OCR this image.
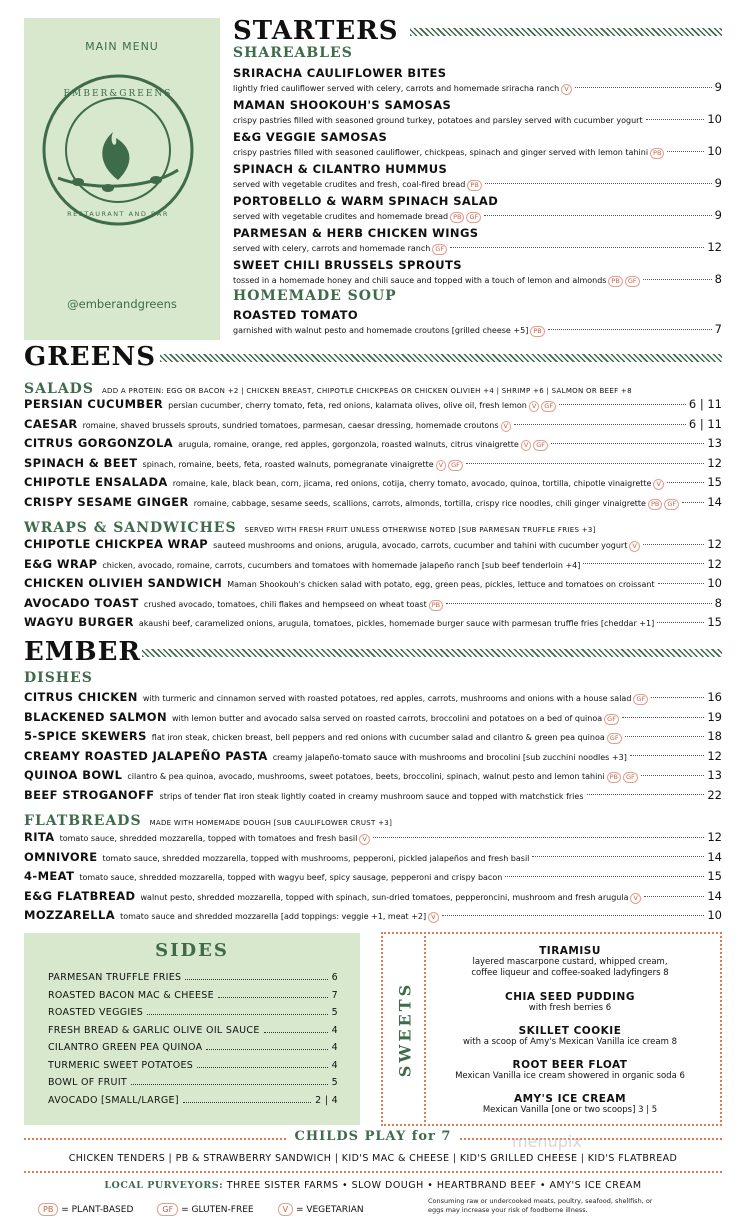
MAIN MENU
EMBER&GREENS
RESTAURANT AND BAR
@emberandgreens
STARTERS
SHAREABLES
SRIRACHA CAULIFLOWER BITES
lightly fried cauliflower served with celery, carrots and homemade sriracha ranch V	9
MAMAN SHOOKOUH'S SAMOSAS
crispy pastries filled with seasoned ground turkey, potatoes and parsley served with cucumber yogurt	10
E&G VEGGIE SAMOSAS
crispy pastries filled with seasoned cauliflower, chickpeas, spinach and ginger served with lemon tahini PB	10
SPINACH & CILANTRO HUMMUS
served with vegetable crudites and fresh, coal-fired bread PB	9
PORTOBELLO & WARM SPINACH SALAD
served with vegetable crudites and homemade bread PB	GF	9
PARMESAN & HERB CHICKEN WINGS
served with celery, carrots and homemade ranch GF	12
SWEET CHILI BRUSSELS SPROUTS
tossed in a homemade honey and chili sauce and topped with a touch of lemon and almonds PB	GF	8
HOMEMADE SOUP
ROASTED TOMATO
garnished with walnut pesto and homemade croutons [grilled cheese +5] PB	7
GREENS
SALADS ADD A PROTEIN: EGG OR BACON +2 | CHICKEN BREAST, CHIPOTLE CHICKPEAS OR CHICKEN OLIVIEH +4 | SHRIMP +6 | SALMON OR BEEF +8
PERSIAN CUCUMBER persian cucumber, cherry tomato, feta, red onions, kalamata olives, olive oil, fresh lemon V	GF	6 | 11
CAESAR romaine, shaved brussels sprouts, sundried tomatoes, parmesan, caesar dressing, homemade croutons V	6 | 11
CITRUS GORGONZOLA arugula, romaine, orange, red apples, gorgonzola, roasted walnuts, citrus vinaigrette V	GF	13
SPINACH & BEET spinach, romaine, beets, feta, roasted walnuts, pomegranate vinaigrette V	GF	12
CHIPOTLE ENSALADA romaine, kale, black bean, corn, jicama, red onions, cotija, cherry tomato, avocado, quinoa, tortilla, chipotle vinaigrette V	15
CRISPY SESAME GINGER romaine, cabbage, sesame seeds, scallions, carrots, almonds, tortilla, crispy rice noodles, chili ginger vinaigrette PB	GF	14
WRAPS & SANDWICHES SERVED WITH FRESH FRUIT UNLESS OTHERWISE NOTED [SUB PARMESAN TRUFFLE FRIES +3]
CHIPOTLE CHICKPEA WRAP sauteed mushrooms and onions, arugula, avocado, carrots, cucumber and tahini with cucumber yogurt V	12
E&G WRAP chicken, avocado, romaine, carrots, cucumbers and tomatoes with homemade jalapeño ranch [sub beef tenderloin +4]	12
CHICKEN OLIVIEH SANDWICH Maman Shookouh's chicken salad with potato, egg, green peas, pickles, lettuce and tomatoes on croissant	10
AVOCADO TOAST crushed avocado, tomatoes, chili flakes and hempseed on wheat toast PB	8
WAGYU BURGER akaushi beef, caramelized onions, arugula, tomatoes, pickles, homemade burger sauce with parmesan truffle fries [cheddar +1]	15
EMBER
DISHES
CITRUS CHICKEN with turmeric and cinnamon served with roasted potatoes, red apples, carrots, mushrooms and onions with a house salad GF	16
BLACKENED SALMON with lemon butter and avocado salsa served on roasted carrots, broccolini and potatoes on a bed of quinoa GF	19
5-SPICE SKEWERS flat iron steak, chicken breast, bell peppers and red onions with cucumber salad and cilantro & green pea quinoa GF	18
CREAMY ROASTED JALAPEÑO PASTA creamy jalapeño-tomato sauce with mushrooms and brocolini [sub zucchini noodles +3]	12
QUINOA BOWL cilantro & pea quinoa, avocado, mushrooms, sweet potatoes, beets, broccolini, spinach, walnut pesto and lemon tahini PB	GF	13
BEEF STROGANOFF strips of tender flat iron steak lightly coated in creamy mushroom sauce and topped with matchstick fries	22
FLATBREADS MADE WITH HOMEMADE DOUGH [SUB CAULIFLOWER CRUST +3]
RITA tomato sauce, shredded mozzarella, topped with tomatoes and fresh basil V	12
OMNIVORE tomato sauce, shredded mozzarella, topped with mushrooms, pepperoni, pickled jalapeños and fresh basil	14
4-MEAT tomato sauce, shredded mozzarella, topped with wagyu beef, spicy sausage, pepperoni and crispy bacon	15
E&G FLATBREAD walnut pesto, shredded mozzarella, topped with spinach, sun-dried tomatoes, pepperoncini, mushroom and fresh arugula V	14
MOZZARELLA tomato sauce and shredded mozzarella [add toppings: veggie +1, meat +2] V	10
SIDES
PARMESAN TRUFFLE FRIES	6
ROASTED BACON MAC & CHEESE	7
ROASTED VEGGIES	5
FRESH BREAD & GARLIC OLIVE OIL SAUCE	4
CILANTRO GREEN PEA QUINOA	4
TURMERIC SWEET POTATOES	4
BOWL OF FRUIT	5
AVOCADO [SMALL/LARGE]	2 | 4
SWEETS
TIRAMISU
layered mascarpone custard, whipped cream,
coffee liqueur and coffee-soaked ladyfingers 8
CHIA SEED PUDDING
with fresh berries 6
SKILLET COOKIE
with a scoop of Amy's Mexican Vanilla ice cream 8
ROOT BEER FLOAT
Mexican Vanilla ice cream showered in organic soda 6
AMY'S ICE CREAM
Mexican Vanilla [one or two scoops] 3 | 5
CHILDS PLAY for 7
CHICKEN TENDERS | PB & STRAWBERRY SANDWICH | KID'S MAC & CHEESE | KID'S GRILLED CHEESE | KID'S FLATBREAD
LOCAL PURVEYORS: THREE SISTER FARMS • SLOW DOUGH • HEARTBRAND BEEF • AMY'S ICE CREAM
PB = PLANT-BASED	GF = GLUTEN-FREE	V = VEGETARIAN
Consuming raw or undercooked meats, poultry, seafood, shellfish, or eggs may increase your risk of foodborne illness.
menupix
